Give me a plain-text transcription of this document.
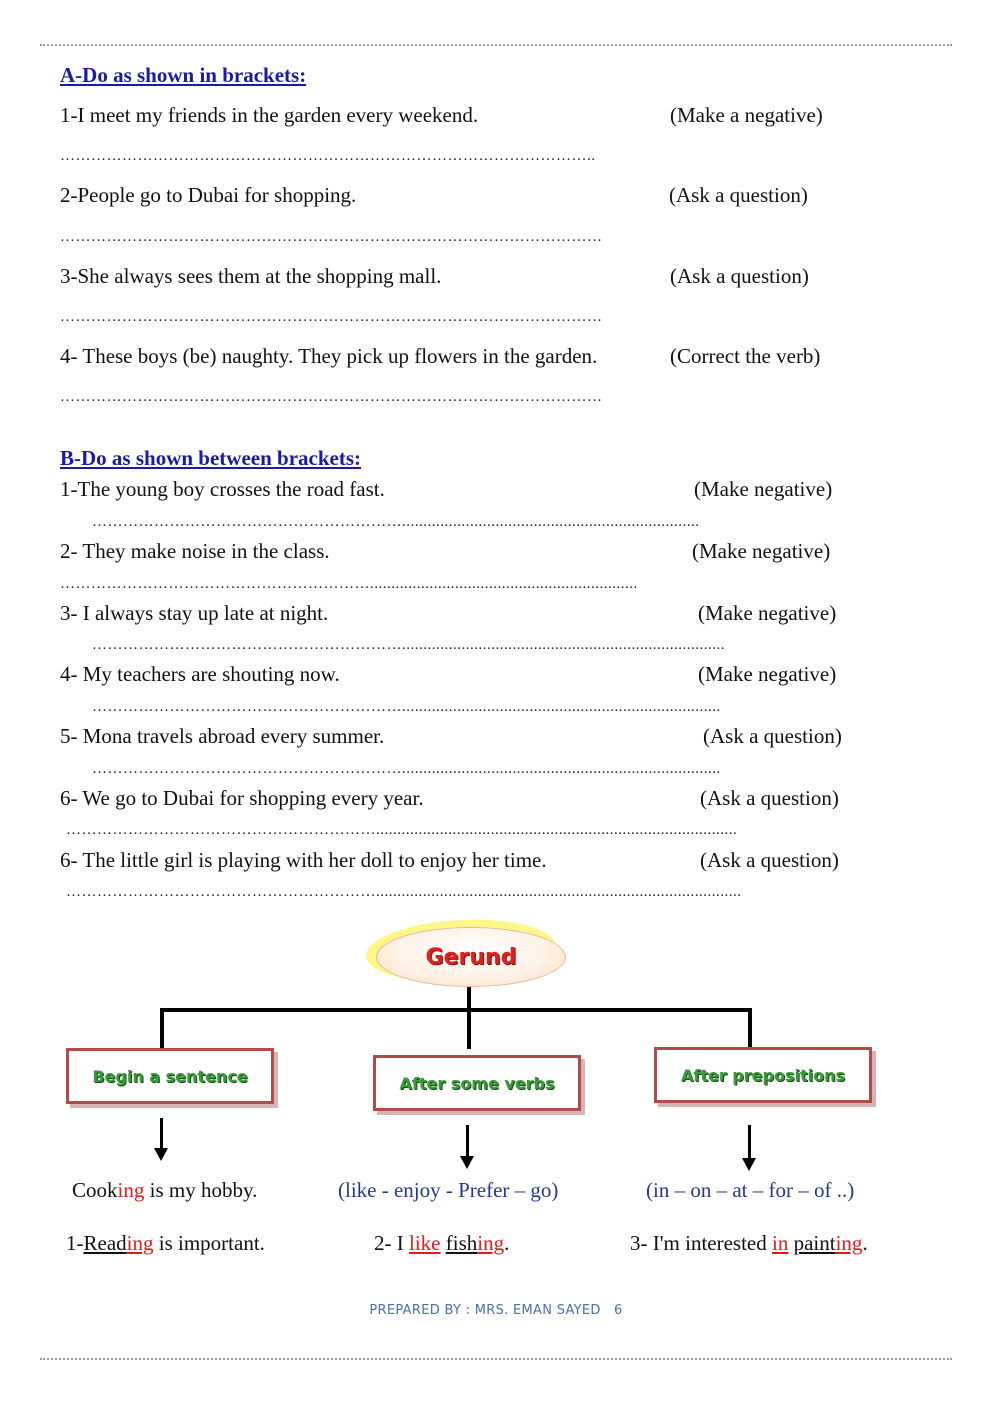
A-Do as shown in brackets:
1-I meet my friends in the garden every weekend.	(Make a negative)
…………………………………………………………………………………………..
2-People go to Dubai for shopping.	(Ask a question)
……………………………………………………………………………………………
3-She always sees them at the shopping mall.	(Ask a question)
……………………………………………………………………………………………
4- These boys (be) naughty. They pick up flowers in the garden.	(Correct the verb)
……………………………………………………………………………………………
B-Do as shown between brackets:
1-The young boy crosses the road fast.	(Make negative)
……………………………………………………......................................................................
2- They make noise in the class.	(Make negative)
……………………………………………………...............................................................
3- I always stay up late at night.	(Make negative)
……………………………………………………............................................................................
4- My teachers are shouting now.	(Make negative)
……………………………………………………...........................................................................
5- Mona travels abroad every summer.	(Ask a question)
……………………………………………………...........................................................................
6- We go to Dubai for shopping every year.	(Ask a question)
…………………………………………………….....................................................................................
6- The little girl is playing with her doll to enjoy her time.	(Ask a question)
……………………………………………………......................................................................................
Gerund
Begin a sentence	After some verbs	After prepositions
Cooking is my hobby.	(like - enjoy - Prefer – go)	(in – on – at – for – of ..)
1-Reading is important.	2- I like fishing.	3- I'm interested in painting.
PREPARED BY : MRS. EMAN SAYED 6
